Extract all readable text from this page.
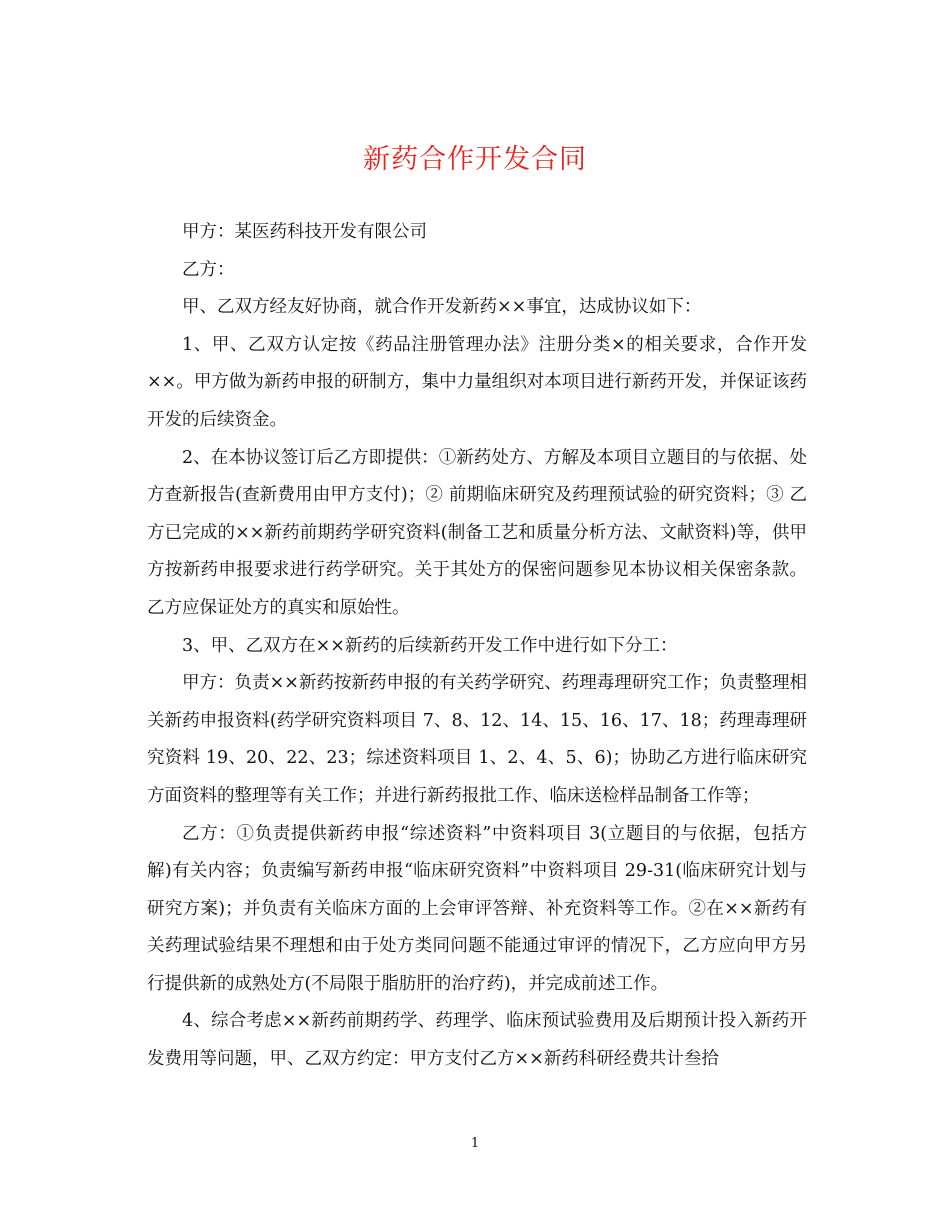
新药合作开发合同

甲方：某医药科技开发有限公司

乙方：

甲、乙双方经友好协商，就合作开发新药××事宜，达成协议如下：

1、甲、乙双方认定按《药品注册管理办法》注册分类×的相关要求，合作开发××。甲方做为新药申报的研制方，集中力量组织对本项目进行新药开发，并保证该药开发的后续资金。

2、在本协议签订后乙方即提供：①新药处方、方解及本项目立题目的与依据、处方查新报告(查新费用由甲方支付)；② 前期临床研究及药理预试验的研究资料；③ 乙方已完成的××新药前期药学研究资料(制备工艺和质量分析方法、文献资料)等，供甲方按新药申报要求进行药学研究。关于其处方的保密问题参见本协议相关保密条款。乙方应保证处方的真实和原始性。

3、甲、乙双方在××新药的后续新药开发工作中进行如下分工：

甲方：负责××新药按新药申报的有关药学研究、药理毒理研究工作；负责整理相关新药申报资料(药学研究资料项目 7、8、12、14、15、16、17、18；药理毒理研究资料 19、20、22、23；综述资料项目 1、2、4、5、6)；协助乙方进行临床研究方面资料的整理等有关工作；并进行新药报批工作、临床送检样品制备工作等；

乙方：①负责提供新药申报“综述资料”中资料项目 3(立题目的与依据，包括方解)有关内容；负责编写新药申报“临床研究资料”中资料项目 29-31(临床研究计划与研究方案)；并负责有关临床方面的上会审评答辩、补充资料等工作。②在××新药有关药理试验结果不理想和由于处方类同问题不能通过审评的情况下，乙方应向甲方另行提供新的成熟处方(不局限于脂肪肝的治疗药)，并完成前述工作。

4、综合考虑××新药前期药学、药理学、临床预试验费用及后期预计投入新药开发费用等问题，甲、乙双方约定：甲方支付乙方××新药科研经费共计叁拾

1
